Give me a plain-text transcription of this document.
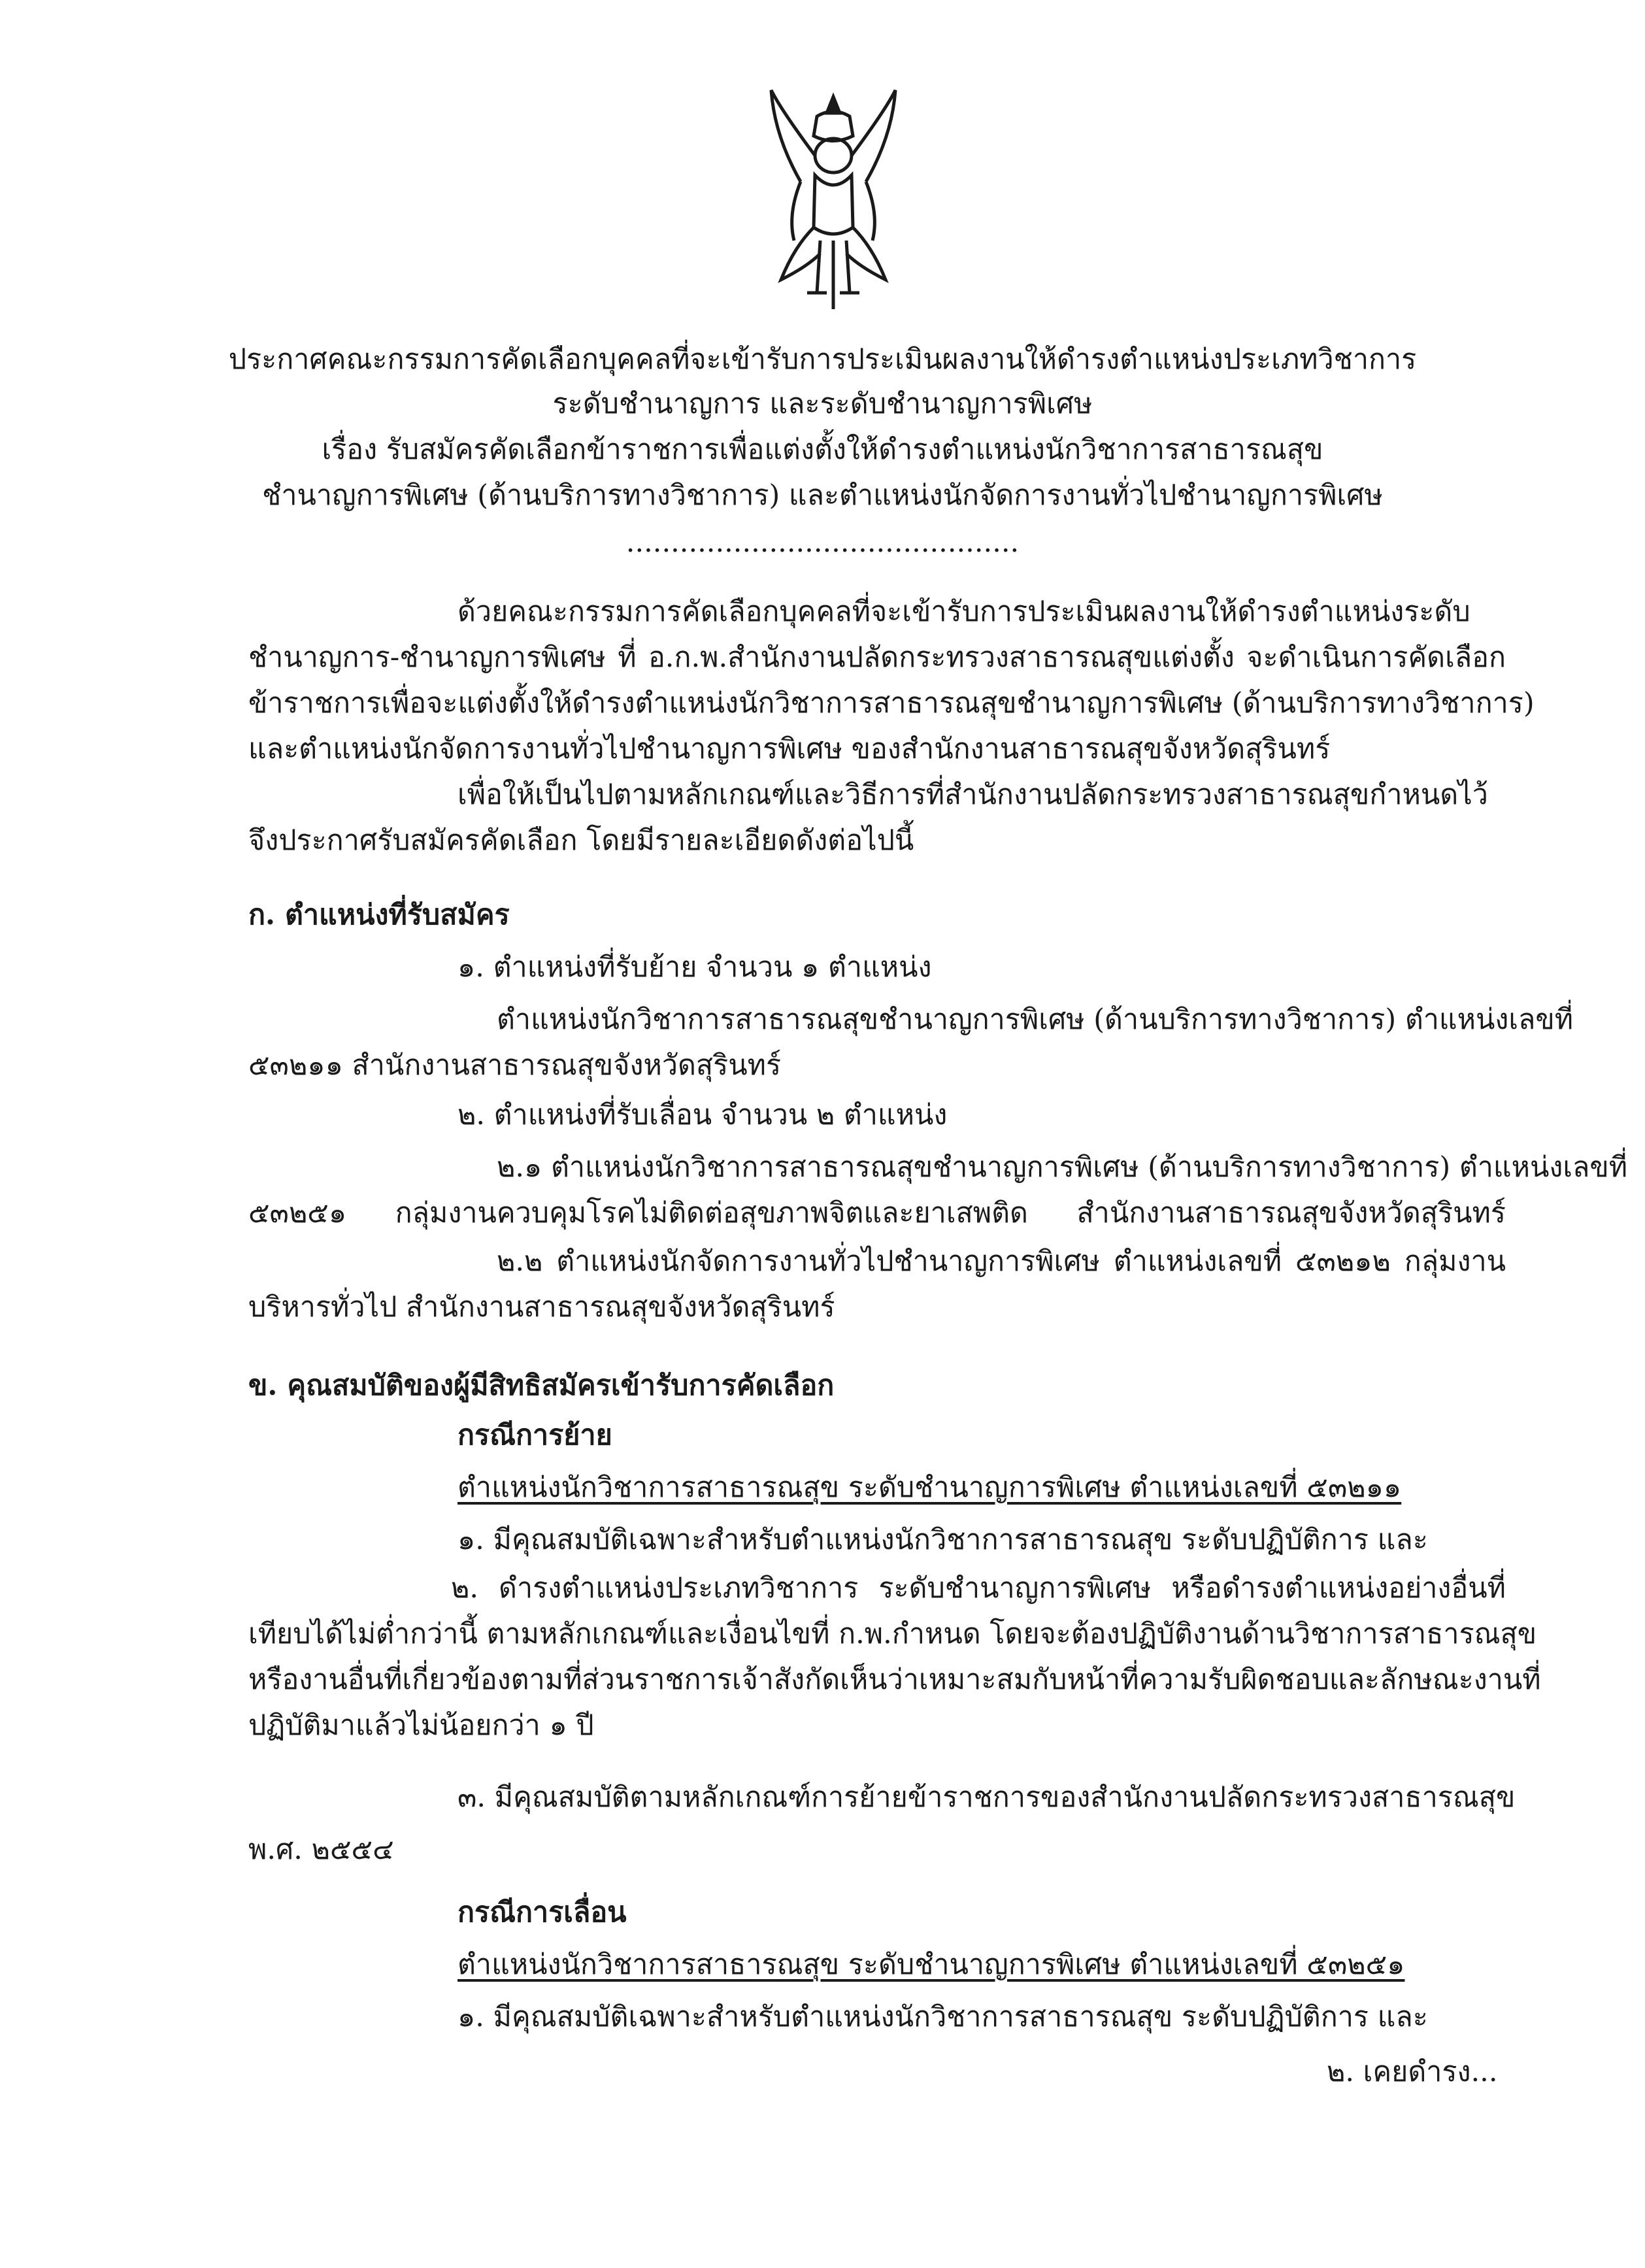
ประกาศคณะกรรมการคัดเลือกบุคคลที่จะเข้ารับการประเมินผลงานให้ดำรงตำแหน่งประเภทวิชาการ
ระดับชำนาญการ และระดับชำนาญการพิเศษ
เรื่อง รับสมัครคัดเลือกข้าราชการเพื่อแต่งตั้งให้ดำรงตำแหน่งนักวิชาการสาธารณสุข
ชำนาญการพิเศษ (ด้านบริการทางวิชาการ) และตำแหน่งนักจัดการงานทั่วไปชำนาญการพิเศษ
............................................
ด้วยคณะกรรมการคัดเลือกบุคคลที่จะเข้ารับการประเมินผลงานให้ดำรงตำแหน่งระดับ
ชำนาญการ-ชำนาญการพิเศษ ที่ อ.ก.พ.สำนักงานปลัดกระทรวงสาธารณสุขแต่งตั้ง จะดำเนินการคัดเลือก
ข้าราชการเพื่อจะแต่งตั้งให้ดำรงตำแหน่งนักวิชาการสาธารณสุขชำนาญการพิเศษ (ด้านบริการทางวิชาการ)
และตำแหน่งนักจัดการงานทั่วไปชำนาญการพิเศษ ของสำนักงานสาธารณสุขจังหวัดสุรินทร์
เพื่อให้เป็นไปตามหลักเกณฑ์และวิธีการที่สำนักงานปลัดกระทรวงสาธารณสุขกำหนดไว้
จึงประกาศรับสมัครคัดเลือก โดยมีรายละเอียดดังต่อไปนี้
ก. ตำแหน่งที่รับสมัคร
๑. ตำแหน่งที่รับย้าย จำนวน ๑ ตำแหน่ง
ตำแหน่งนักวิชาการสาธารณสุขชำนาญการพิเศษ (ด้านบริการทางวิชาการ) ตำแหน่งเลขที่
๕๓๒๑๑ สำนักงานสาธารณสุขจังหวัดสุรินทร์
๒. ตำแหน่งที่รับเลื่อน จำนวน ๒ ตำแหน่ง
๒.๑ ตำแหน่งนักวิชาการสาธารณสุขชำนาญการพิเศษ (ด้านบริการทางวิชาการ) ตำแหน่งเลขที่
๕๓๒๕๑ กลุ่มงานควบคุมโรคไม่ติดต่อสุขภาพจิตและยาเสพติด สำนักงานสาธารณสุขจังหวัดสุรินทร์
๒.๒ ตำแหน่งนักจัดการงานทั่วไปชำนาญการพิเศษ ตำแหน่งเลขที่ ๕๓๒๑๒ กลุ่มงาน
บริหารทั่วไป สำนักงานสาธารณสุขจังหวัดสุรินทร์
ข. คุณสมบัติของผู้มีสิทธิสมัครเข้ารับการคัดเลือก
กรณีการย้าย
ตำแหน่งนักวิชาการสาธารณสุข ระดับชำนาญการพิเศษ ตำแหน่งเลขที่ ๕๓๒๑๑
๑. มีคุณสมบัติเฉพาะสำหรับตำแหน่งนักวิชาการสาธารณสุข ระดับปฏิบัติการ และ
๒. ดำรงตำแหน่งประเภทวิชาการ ระดับชำนาญการพิเศษ หรือดำรงตำแหน่งอย่างอื่นที่
เทียบได้ไม่ต่ำกว่านี้ ตามหลักเกณฑ์และเงื่อนไขที่ ก.พ.กำหนด โดยจะต้องปฏิบัติงานด้านวิชาการสาธารณสุข
หรืองานอื่นที่เกี่ยวข้องตามที่ส่วนราชการเจ้าสังกัดเห็นว่าเหมาะสมกับหน้าที่ความรับผิดชอบและลักษณะงานที่
ปฏิบัติมาแล้วไม่น้อยกว่า ๑ ปี
๓. มีคุณสมบัติตามหลักเกณฑ์การย้ายข้าราชการของสำนักงานปลัดกระทรวงสาธารณสุข
พ.ศ. ๒๕๕๔
กรณีการเลื่อน
ตำแหน่งนักวิชาการสาธารณสุข ระดับชำนาญการพิเศษ ตำแหน่งเลขที่ ๕๓๒๕๑
๑. มีคุณสมบัติเฉพาะสำหรับตำแหน่งนักวิชาการสาธารณสุข ระดับปฏิบัติการ และ
๒. เคยดำรง...
